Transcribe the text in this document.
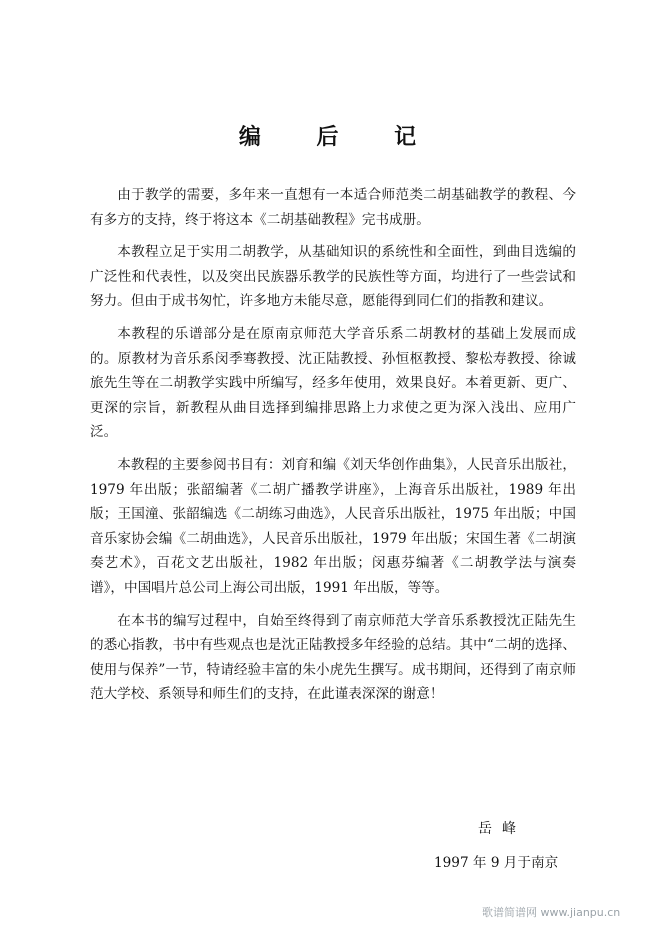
编 后 记

由于教学的需要，多年来一直想有一本适合师范类二胡基础教学的教程、今有多方的支持，终于将这本《二胡基础教程》完书成册。

本教程立足于实用二胡教学，从基础知识的系统性和全面性，到曲目选编的广泛性和代表性，以及突出民族器乐教学的民族性等方面，均进行了一些尝试和努力。但由于成书匆忙，许多地方未能尽意，愿能得到同仁们的指教和建议。

本教程的乐谱部分是在原南京师范大学音乐系二胡教材的基础上发展而成的。原教材为音乐系闵季骞教授、沈正陆教授、孙恒枢教授、黎松寿教授、徐诚旅先生等在二胡教学实践中所编写，经多年使用，效果良好。本着更新、更广、更深的宗旨，新教程从曲目选择到编排思路上力求使之更为深入浅出、应用广泛。

本教程的主要参阅书目有：刘育和编《刘天华创作曲集》，人民音乐出版社，1979 年出版；张韶编著《二胡广播教学讲座》，上海音乐出版社，1989 年出版；王国潼、张韶编选《二胡练习曲选》，人民音乐出版社，1975 年出版；中国音乐家协会编《二胡曲选》，人民音乐出版社，1979 年出版；宋国生著《二胡演奏艺术》，百花文艺出版社，1982 年出版；闵惠芬编著《二胡教学法与演奏谱》，中国唱片总公司上海公司出版，1991 年出版，等等。

在本书的编写过程中，自始至终得到了南京师范大学音乐系教授沈正陆先生的悉心指教，书中有些观点也是沈正陆教授多年经验的总结。其中“二胡的选择、使用与保养”一节，特请经验丰富的朱小虎先生撰写。成书期间，还得到了南京师范大学校、系领导和师生们的支持，在此谨表深深的谢意！

岳峰
1997 年 9 月于南京
歌谱简谱网 www.jianpu.cn
